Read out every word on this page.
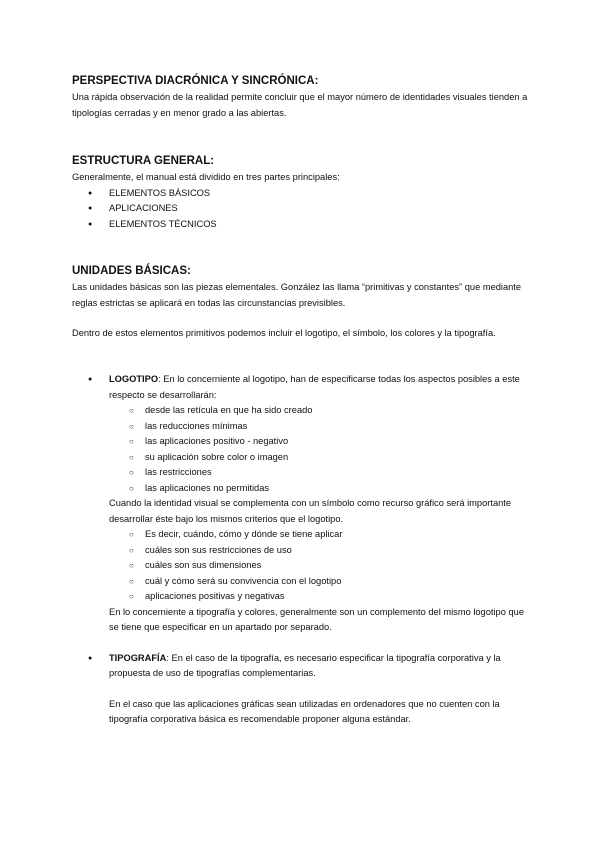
PERSPECTIVA DIACRÓNICA Y SINCRÓNICA:

Una rápida observación de la realidad permite concluir que el mayor número de identidades visuales tienden a tipologías cerradas y en menor grado a las abiertas.

ESTRUCTURA GENERAL:

Generalmente, el manual está dividido en tres partes principales:

● ELEMENTOS BÁSICOS
● APLICACIONES
● ELEMENTOS TÉCNICOS
UNIDADES BÁSICAS:

Las unidades básicas son las piezas elementales. González las llama “primitivas y constantes” que mediante reglas estrictas se aplicará en todas las circunstancias previsibles.

Dentro de estos elementos primitivos podemos incluir el logotipo, el símbolo, los colores y la tipografía.

● LOGOTIPO: En lo concerniente al logotipo, han de especificarse todas los aspectos posibles a este respecto se desarrollarán:
○ desde las retícula en que ha sido creado
○ las reducciones mínimas
○ las aplicaciones positivo - negativo
○ su aplicación sobre color o imagen
○ las restricciones
○ las aplicaciones no permitidas

Cuando la identidad visual se complementa con un símbolo como recurso gráfico será importante desarrollar éste bajo los mismos criterios que el logotipo.

○ Es decir, cuándo, cómo y dónde se tiene aplicar
○ cuáles son sus restricciones de uso
○ cuáles son sus dimensiones
○ cuál y cómo será su convivencia con el logotipo
○ aplicaciones positivas y negativas

En lo concerniente a tipografía y colores, generalmente son un complemento del mismo logotipo que se tiene que especificar en un apartado por separado.

● TIPOGRAFÍA: En el caso de la tipografía, es necesario especificar la tipografía corporativa y la propuesta de uso de tipografías complementarias.

En el caso que las aplicaciones gráficas sean utilizadas en ordenadores que no cuenten con la tipografía corporativa básica es recomendable proponer alguna estándar.
